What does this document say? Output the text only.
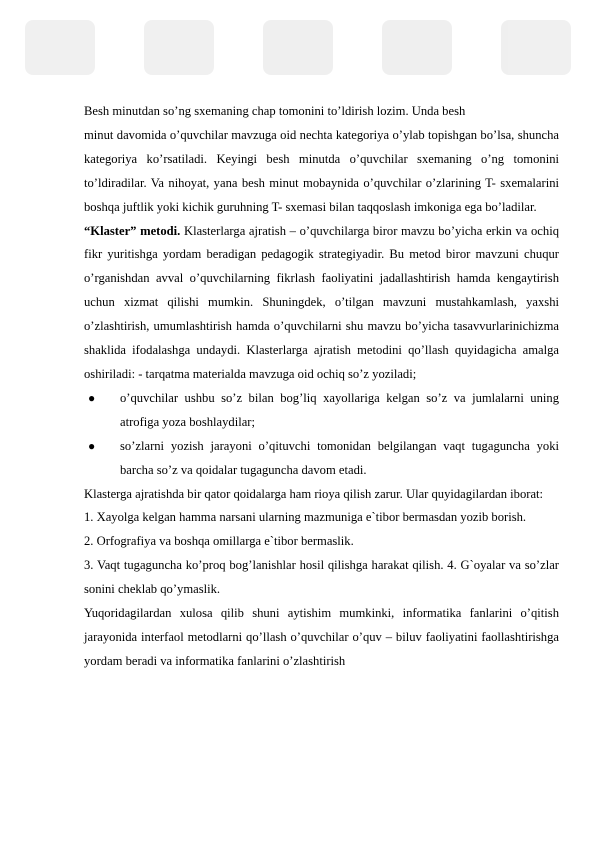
Besh minutdan so’ng sxemaning chap tomonini to’ldirish lozim. Unda besh

minut davomida o’quvchilar mavzuga oid nechta kategoriya o’ylab topishgan bo’lsa, shuncha kategoriya ko’rsatiladi. Keyingi besh minutda o’quvchilar sxemaning o’ng tomonini to’ldiradilar. Va nihoyat, yana besh minut mobaynida o’quvchilar o’zlarining T- sxemalarini boshqa juftlik yoki kichik guruhning T- sxemasi bilan taqqoslash imkoniga ega bo’ladilar.

“Klaster” metodi. Klasterlarga ajratish – o’quvchilarga biror mavzu bo’yicha erkin va ochiq fikr yuritishga yordam beradigan pedagogik strategiyadir. Bu metod biror mavzuni chuqur o’rganishdan avval o’quvchilarning fikrlash faoliyatini jadallashtirish hamda kengaytirish uchun xizmat qilishi mumkin. Shuningdek, o’tilgan mavzuni mustahkamlash, yaxshi o’zlashtirish, umumlashtirish hamda o’quvchilarni shu mavzu bo’yicha tasavvurlarinichizma shaklida ifodalashga undaydi. Klasterlarga ajratish metodini qo’llash quyidagicha amalga oshiriladi: - tarqatma materialda mavzuga oid ochiq so’z yoziladi;

● o’quvchilar ushbu so’z bilan bog’liq xayollariga kelgan so’z va jumlalarni uning atrofiga yoza boshlaydilar;
● so’zlarni yozish jarayoni o’qituvchi tomonidan belgilangan vaqt tugaguncha yoki barcha so’z va qoidalar tugaguncha davom etadi.

Klasterga ajratishda bir qator qoidalarga ham rioya qilish zarur. Ular quyidagilardan iborat:

1. Xayolga kelgan hamma narsani ularning mazmuniga e`tibor bermasdan yozib borish.

2. Orfografiya va boshqa omillarga e`tibor bermaslik.

3. Vaqt tugaguncha ko’proq bog’lanishlar hosil qilishga harakat qilish. 4. G`oyalar va so’zlar sonini cheklab qo’ymaslik.

Yuqoridagilardan xulosa qilib shuni aytishim mumkinki, informatika fanlarini o’qitish jarayonida interfaol metodlarni qo’llash o’quvchilar o’quv – biluv faoliyatini faollashtirishga yordam beradi va informatika fanlarini o’zlashtirish
